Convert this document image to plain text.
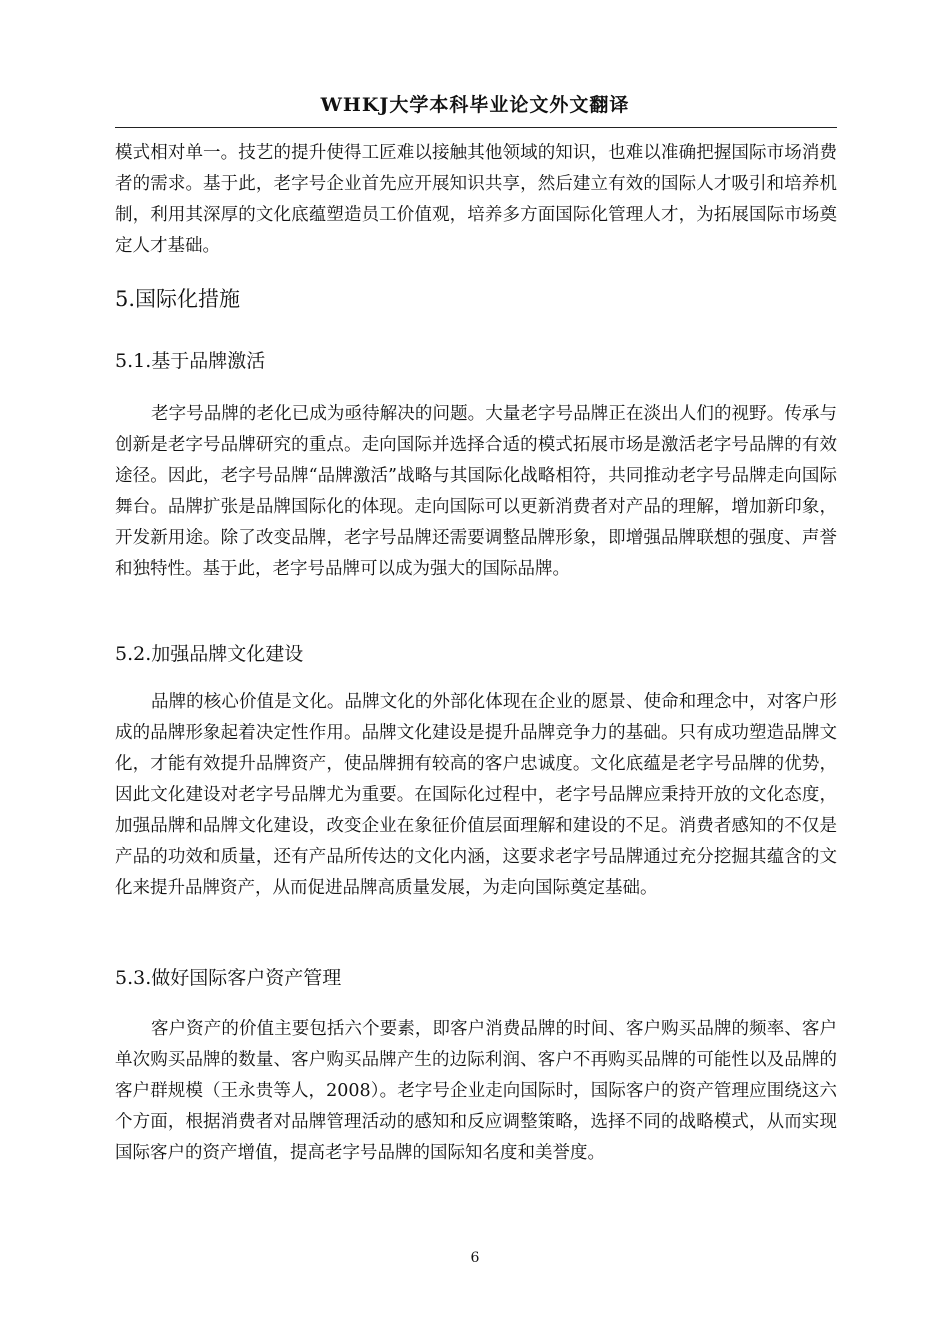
WHKJ大学本科毕业论文外文翻译

模式相对单一。技艺的提升使得工匠难以接触其他领域的知识，也难以准确把握国际市场消费者的需求。基于此，老字号企业首先应开展知识共享，然后建立有效的国际人才吸引和培养机制，利用其深厚的文化底蕴塑造员工价值观，培养多方面国际化管理人才，为拓展国际市场奠定人才基础。

5.国际化措施
5.1.基于品牌激活

老字号品牌的老化已成为亟待解决的问题。大量老字号品牌正在淡出人们的视野。传承与创新是老字号品牌研究的重点。走向国际并选择合适的模式拓展市场是激活老字号品牌的有效途径。因此，老字号品牌“品牌激活”战略与其国际化战略相符，共同推动老字号品牌走向国际舞台。品牌扩张是品牌国际化的体现。走向国际可以更新消费者对产品的理解，增加新印象，开发新用途。除了改变品牌，老字号品牌还需要调整品牌形象，即增强品牌联想的强度、声誉和独特性。基于此，老字号品牌可以成为强大的国际品牌。

5.2.加强品牌文化建设

品牌的核心价值是文化。品牌文化的外部化体现在企业的愿景、使命和理念中，对客户形成的品牌形象起着决定性作用。品牌文化建设是提升品牌竞争力的基础。只有成功塑造品牌文化，才能有效提升品牌资产，使品牌拥有较高的客户忠诚度。文化底蕴是老字号品牌的优势，因此文化建设对老字号品牌尤为重要。在国际化过程中，老字号品牌应秉持开放的文化态度，加强品牌和品牌文化建设，改变企业在象征价值层面理解和建设的不足。消费者感知的不仅是产品的功效和质量，还有产品所传达的文化内涵，这要求老字号品牌通过充分挖掘其蕴含的文化来提升品牌资产，从而促进品牌高质量发展，为走向国际奠定基础。

5.3.做好国际客户资产管理

客户资产的价值主要包括六个要素，即客户消费品牌的时间、客户购买品牌的频率、客户单次购买品牌的数量、客户购买品牌产生的边际利润、客户不再购买品牌的可能性以及品牌的客户群规模（王永贵等人，2008）。老字号企业走向国际时，国际客户的资产管理应围绕这六个方面，根据消费者对品牌管理活动的感知和反应调整策略，选择不同的战略模式，从而实现国际客户的资产增值，提高老字号品牌的国际知名度和美誉度。

6
